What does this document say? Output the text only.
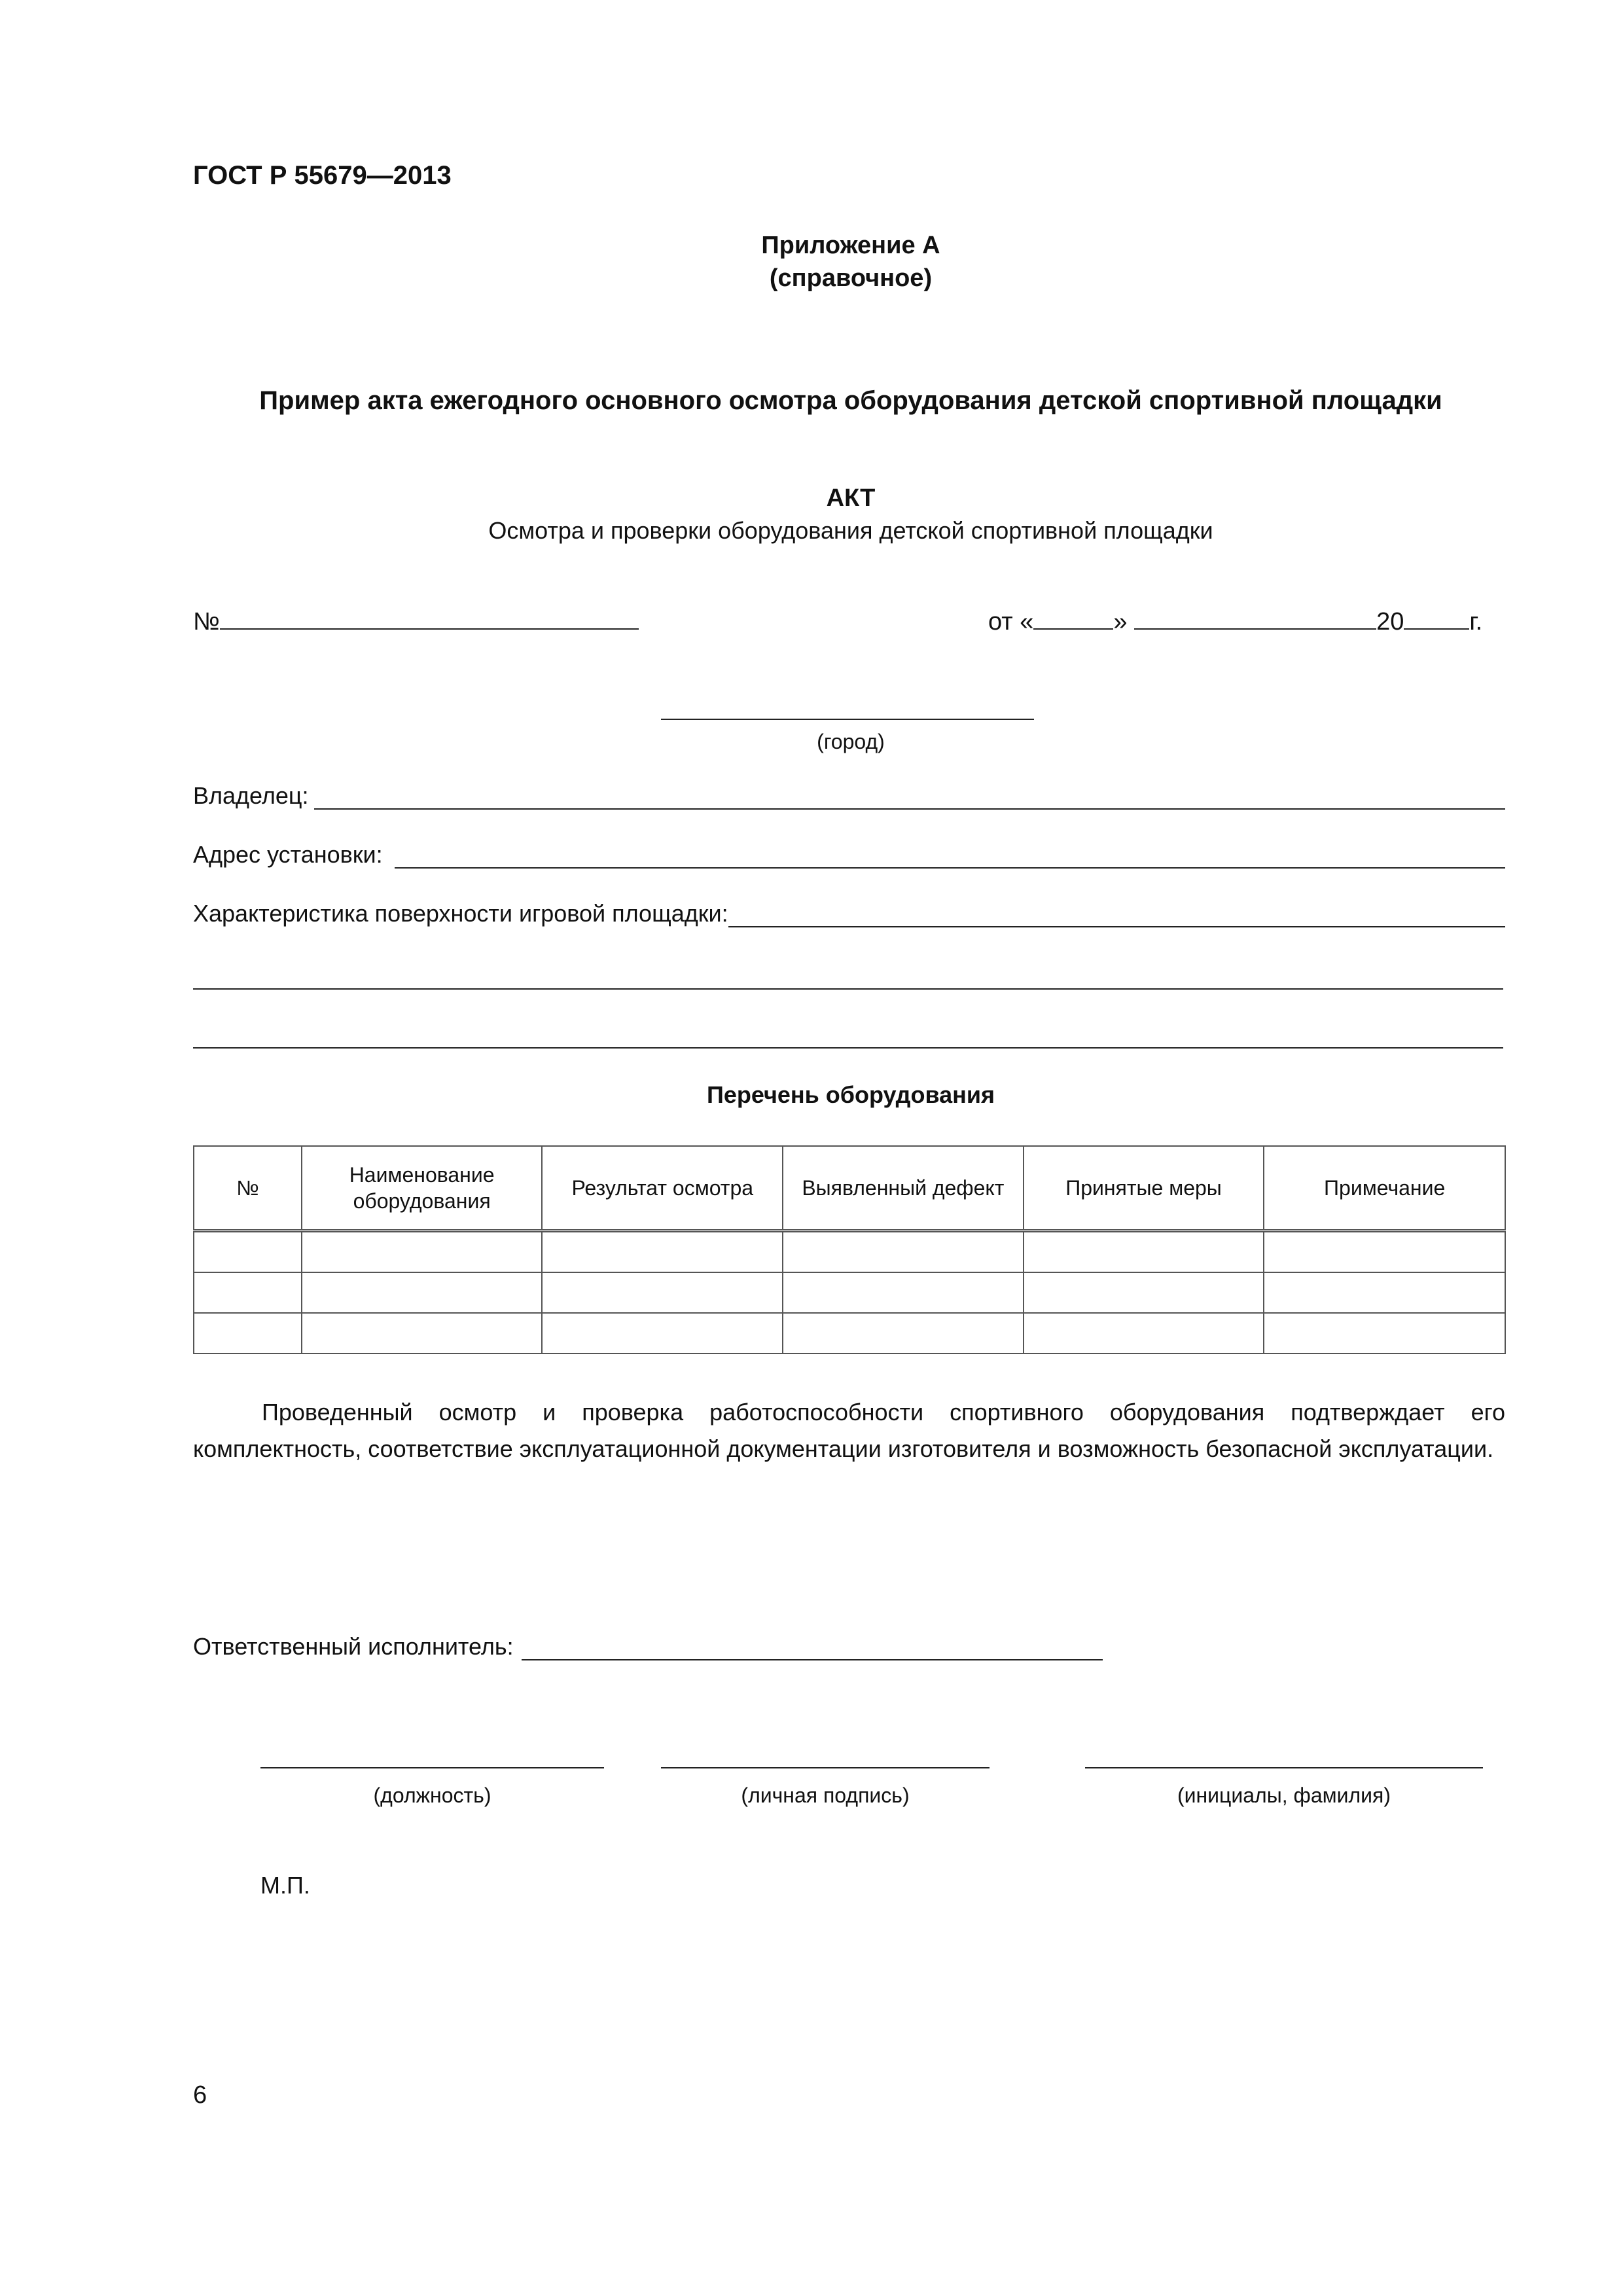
ГОСТ Р 55679—2013
Приложение А
(справочное)
Пример акта ежегодного основного осмотра оборудования детской спортивной площадки
АКТ
Осмотра и проверки оборудования детской спортивной площадки
№	от «	»	20	г.
(город)
Владелец:
Адрес установки:
Характеристика поверхности игровой площадки:
Перечень оборудования
№	Наименование оборудования	Результат осмотра	Выявленный дефект	Принятые меры	Примечание

Проведенный осмотр и проверка работоспособности спортивного оборудования подтверждает его комплектность, соответствие эксплуатационной документации изготовителя и возможность безопасной эксплуатации.
Ответственный исполнитель:
(должность)	(личная подпись)	(инициалы, фамилия)
М.П.
6
